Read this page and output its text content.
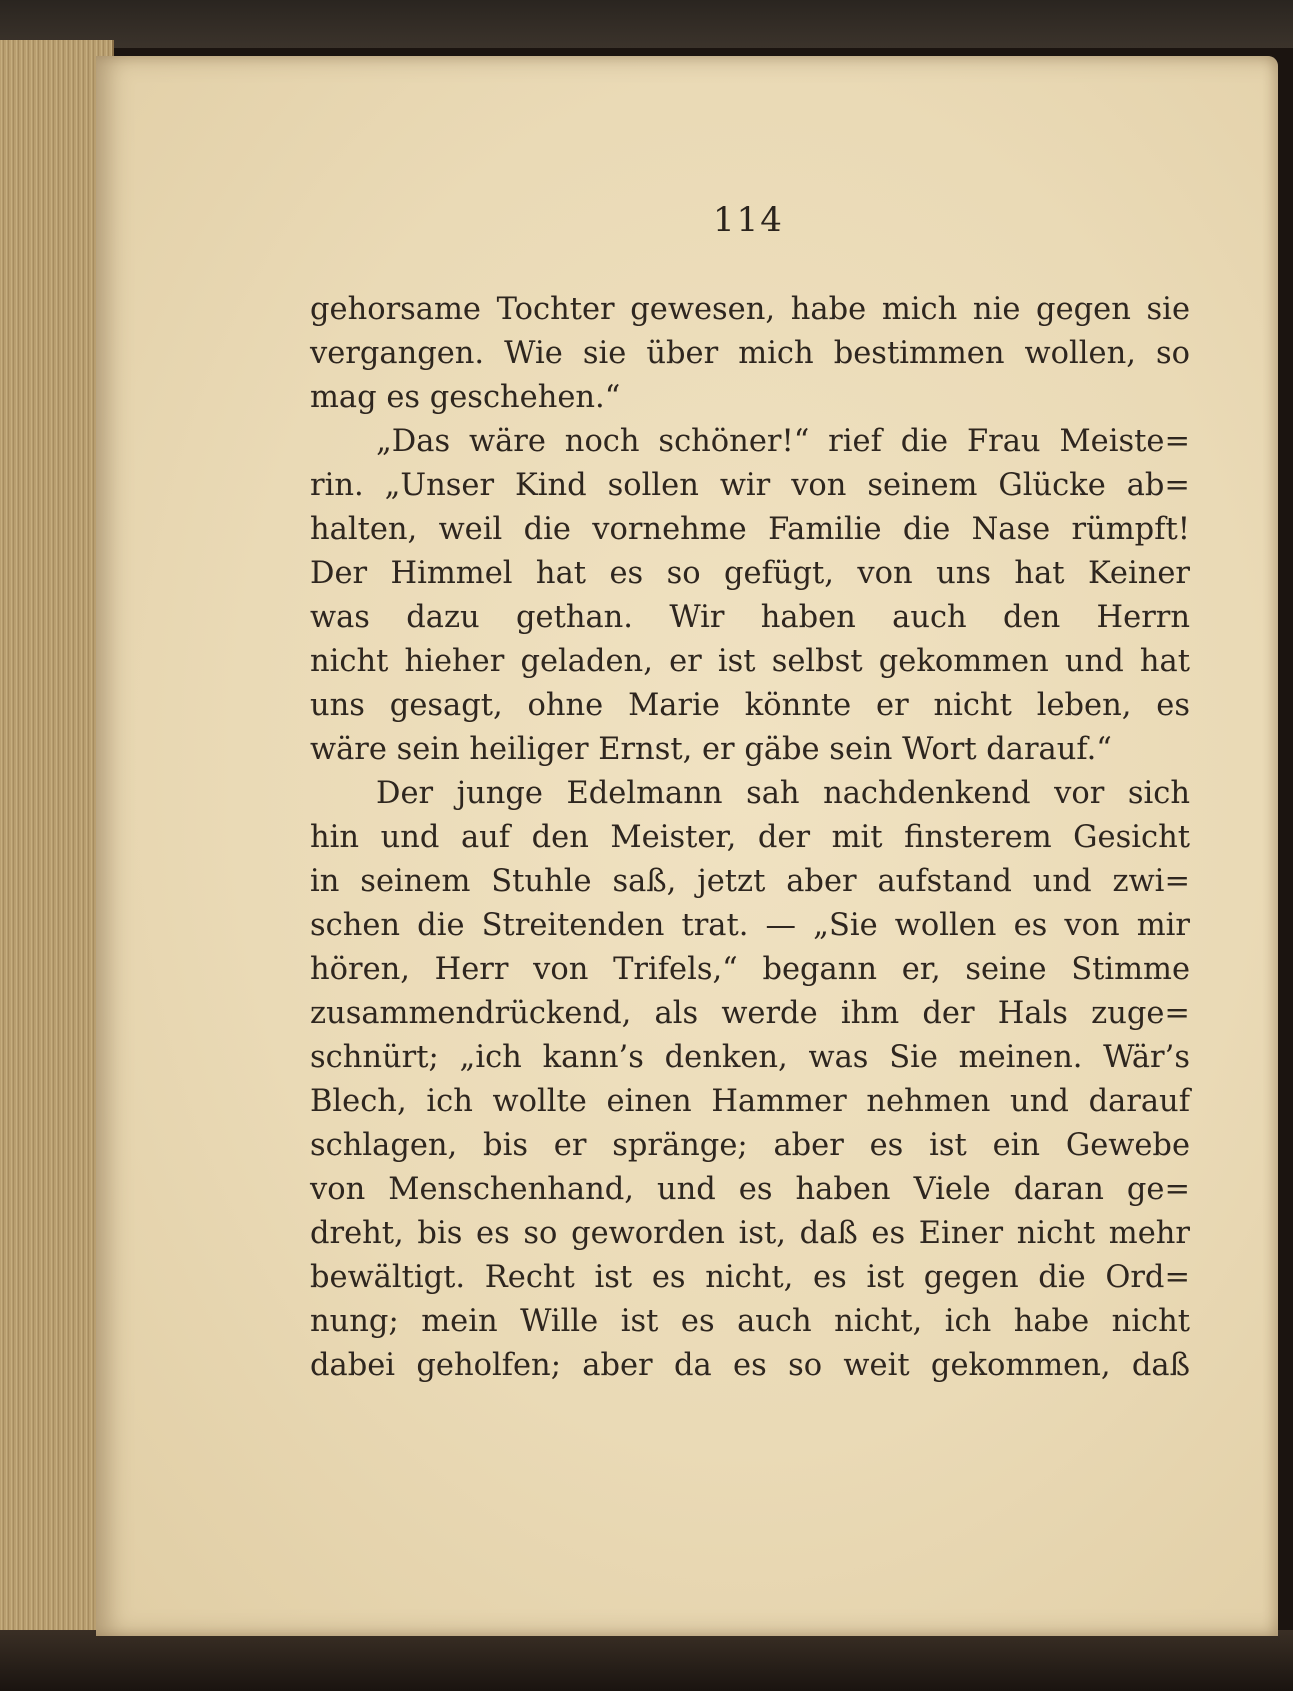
114
gehorsame Tochter gewesen, habe mich nie gegen sie
vergangen. Wie sie über mich bestimmen wollen, so
mag es geschehen.“
„Das wäre noch schöner!“ rief die Frau Meiste=
rin. „Unser Kind sollen wir von seinem Glücke ab=
halten, weil die vornehme Familie die Nase rümpft!
Der Himmel hat es so gefügt, von uns hat Keiner
was dazu gethan. Wir haben auch den Herrn
nicht hieher geladen, er ist selbst gekommen und hat
uns gesagt, ohne Marie könnte er nicht leben, es
wäre sein heiliger Ernst, er gäbe sein Wort darauf.“
Der junge Edelmann sah nachdenkend vor sich
hin und auf den Meister, der mit finsterem Gesicht
in seinem Stuhle saß, jetzt aber aufstand und zwi=
schen die Streitenden trat. — „Sie wollen es von mir
hören, Herr von Trifels,“ begann er, seine Stimme
zusammendrückend, als werde ihm der Hals zuge=
schnürt; „ich kann’s denken, was Sie meinen. Wär’s
Blech, ich wollte einen Hammer nehmen und darauf
schlagen, bis er spränge; aber es ist ein Gewebe
von Menschenhand, und es haben Viele daran ge=
dreht, bis es so geworden ist, daß es Einer nicht mehr
bewältigt. Recht ist es nicht, es ist gegen die Ord=
nung; mein Wille ist es auch nicht, ich habe nicht
dabei geholfen; aber da es so weit gekommen, daß
